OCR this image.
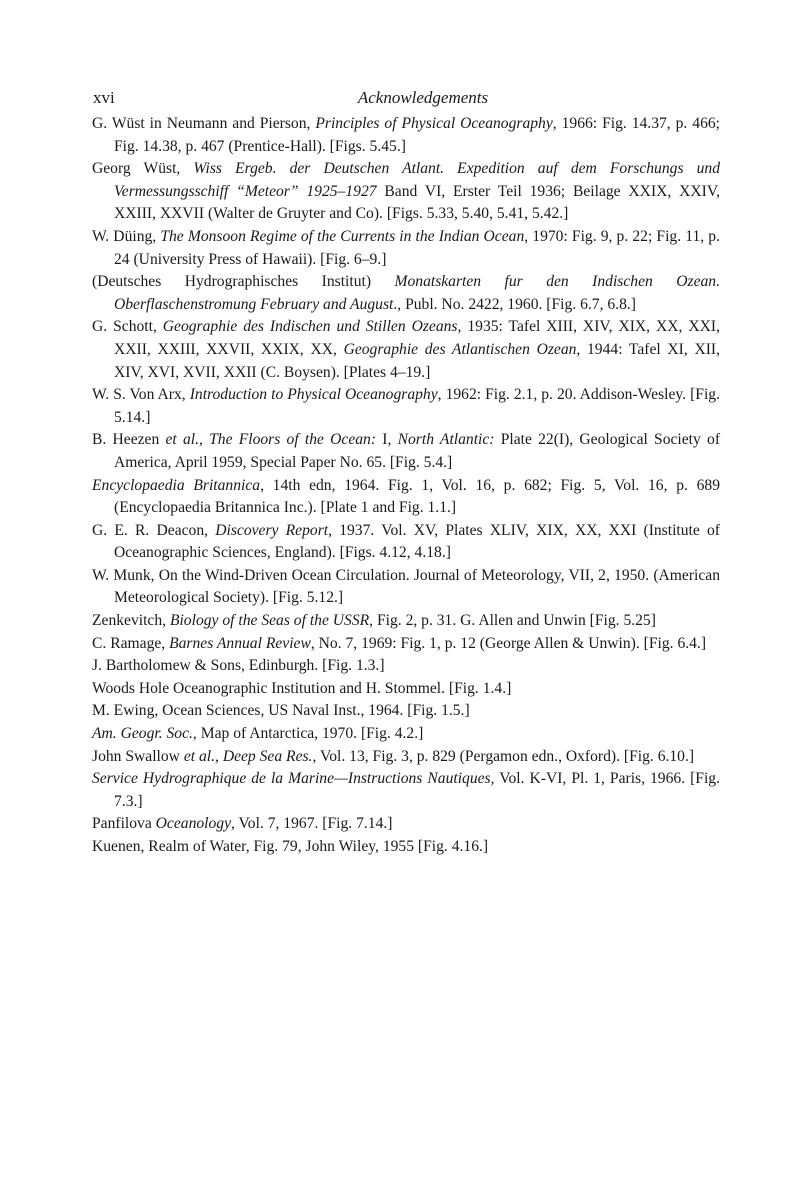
xvi	Acknowledgements

G. Wüst in Neumann and Pierson, Principles of Physical Oceanography, 1966: Fig. 14.37, p. 466; Fig. 14.38, p. 467 (Prentice-Hall). [Figs. 5.45.]

Georg Wüst, Wiss Ergeb. der Deutschen Atlant. Expedition auf dem Forschungs und Vermessungsschiff “Meteor” 1925–1927 Band VI, Erster Teil 1936; Beilage XXIX, XXIV, XXIII, XXVII (Walter de Gruyter and Co). [Figs. 5.33, 5.40, 5.41, 5.42.]

W. Düing, The Monsoon Regime of the Currents in the Indian Ocean, 1970: Fig. 9, p. 22; Fig. 11, p. 24 (University Press of Hawaii). [Fig. 6–9.]

(Deutsches Hydrographisches Institut) Monatskarten fur den Indischen Ozean. Oberflaschenstromung February and August., Publ. No. 2422, 1960. [Fig. 6.7, 6.8.]

G. Schott, Geographie des Indischen und Stillen Ozeans, 1935: Tafel XIII, XIV, XIX, XX, XXI, XXII, XXIII, XXVII, XXIX, XX, Geographie des Atlantischen Ozean, 1944: Tafel XI, XII, XIV, XVI, XVII, XXII (C. Boysen). [Plates 4–19.]

W. S. Von Arx, Introduction to Physical Oceanography, 1962: Fig. 2.1, p. 20. Addison-Wesley. [Fig. 5.14.]

B. Heezen et al., The Floors of the Ocean: I, North Atlantic: Plate 22(I), Geological Society of America, April 1959, Special Paper No. 65. [Fig. 5.4.]

Encyclopaedia Britannica, 14th edn, 1964. Fig. 1, Vol. 16, p. 682; Fig. 5, Vol. 16, p. 689 (Encyclopaedia Britannica Inc.). [Plate 1 and Fig. 1.1.]

G. E. R. Deacon, Discovery Report, 1937. Vol. XV, Plates XLIV, XIX, XX, XXI (Institute of Oceanographic Sciences, England). [Figs. 4.12, 4.18.]

W. Munk, On the Wind-Driven Ocean Circulation. Journal of Meteorology, VII, 2, 1950. (American Meteorological Society). [Fig. 5.12.]

Zenkevitch, Biology of the Seas of the USSR, Fig. 2, p. 31. G. Allen and Unwin [Fig. 5.25]

C. Ramage, Barnes Annual Review, No. 7, 1969: Fig. 1, p. 12 (George Allen & Unwin). [Fig. 6.4.]

J. Bartholomew & Sons, Edinburgh. [Fig. 1.3.]

Woods Hole Oceanographic Institution and H. Stommel. [Fig. 1.4.]

M. Ewing, Ocean Sciences, US Naval Inst., 1964. [Fig. 1.5.]

Am. Geogr. Soc., Map of Antarctica, 1970. [Fig. 4.2.]

John Swallow et al., Deep Sea Res., Vol. 13, Fig. 3, p. 829 (Pergamon edn., Oxford). [Fig. 6.10.]

Service Hydrographique de la Marine—Instructions Nautiques, Vol. K-VI, Pl. 1, Paris, 1966. [Fig. 7.3.]

Panfilova Oceanology, Vol. 7, 1967. [Fig. 7.14.]

Kuenen, Realm of Water, Fig. 79, John Wiley, 1955 [Fig. 4.16.]
